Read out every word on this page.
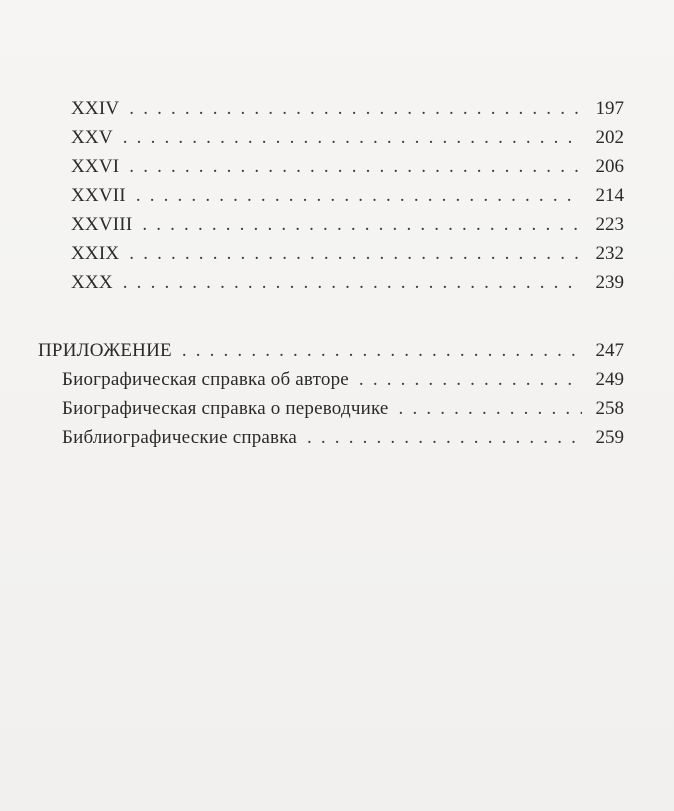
XXIV . . .	197
XXV . . .	202
XXVI . . .	206
XXVII . . .	214
XXVIII . . .	223
XXIX . . .	232
XXX . . .	239
ПРИЛОЖЕНИЕ . . .	247
Биографическая справка об авторе . . .	249
Биографическая справка о переводчике . . .	258
Библиографические справка . . .	259
